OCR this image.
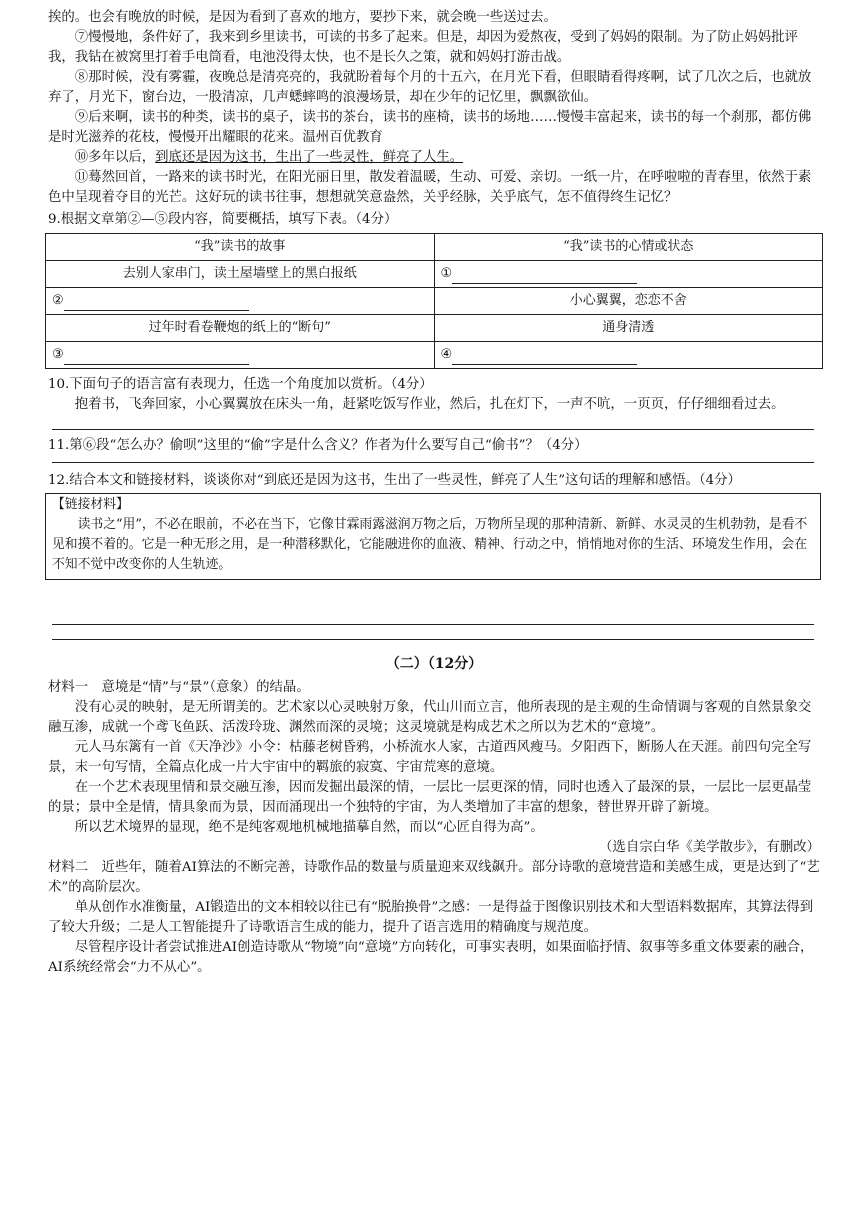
挨的。也会有晚放的时候，是因为看到了喜欢的地方，要抄下来，就会晚一些送过去。

⑦慢慢地，条件好了，我来到乡里读书，可读的书多了起来。但是，却因为爱熬夜，受到了妈妈的限制。为了防止妈妈批评我，我钻在被窝里打着手电筒看，电池没得太快，也不是长久之策，就和妈妈打游击战。

⑧那时候，没有雾霾，夜晚总是清亮亮的，我就盼着每个月的十五六，在月光下看，但眼睛看得疼啊，试了几次之后，也就放弃了，月光下，窗台边，一股清凉，几声蟋蟀鸣的浪漫场景，却在少年的记忆里，飘飘欲仙。

⑨后来啊，读书的种类，读书的桌子，读书的茶台，读书的座椅，读书的场地……慢慢丰富起来，读书的每一个刹那，都仿佛是时光滋养的花枝，慢慢开出耀眼的花来。温州百优教育

⑩多年以后，到底还是因为这书，生出了一些灵性，鲜亮了人生。

⑪蓦然回首，一路来的读书时光，在阳光丽日里，散发着温暖，生动、可爱、亲切。一纸一片，在呼啦啦的青春里，依然于素色中呈现着夺目的光芒。这好玩的读书往事，想想就笑意盎然，关乎经脉，关乎底气，怎不值得终生记忆？

9.根据文章第②—⑤段内容，简要概括，填写下表。（4分）

“我”读书的故事	“我”读书的心情或状态
去别人家串门，读土屋墙壁上的黑白报纸	①
②	小心翼翼，恋恋不舍
过年时看卷鞭炮的纸上的“断句”	通身清透
③	④

10.下面句子的语言富有表现力，任选一个角度加以赏析。（4分）

抱着书，飞奔回家，小心翼翼放在床头一角，赶紧吃饭写作业，然后，扎在灯下，一声不吭，一页页，仔仔细细看过去。

11.第⑥段“怎么办？偷呗”这里的“偷”字是什么含义？作者为什么要写自己“偷书”？（4分）

12.结合本文和链接材料，谈谈你对“到底还是因为这书，生出了一些灵性，鲜亮了人生”这句话的理解和感悟。（4分）

【链接材料】

读书之“用”，不必在眼前，不必在当下，它像甘霖雨露滋润万物之后，万物所呈现的那种清新、新鲜、水灵灵的生机勃勃，是看不见和摸不着的。它是一种无形之用，是一种潜移默化，它能融进你的血液、精神、行动之中，悄悄地对你的生活、环境发生作用，会在不知不觉中改变你的人生轨迹。

（二）（12分）

材料一　意境是“情”与“景”（意象）的结晶。

没有心灵的映射，是无所谓美的。艺术家以心灵映射万象，代山川而立言，他所表现的是主观的生命情调与客观的自然景象交融互渗，成就一个鸢飞鱼跃、活泼玲珑、渊然而深的灵境；这灵境就是构成艺术之所以为艺术的“意境”。

元人马东篱有一首《天净沙》小令：枯藤老树昏鸦，小桥流水人家，古道西风瘦马。夕阳西下，断肠人在天涯。前四句完全写景，末一句写情，全篇点化成一片大宇宙中的羁旅的寂寞、宇宙荒寒的意境。

在一个艺术表现里情和景交融互渗，因而发掘出最深的情，一层比一层更深的情，同时也透入了最深的景，一层比一层更晶莹的景；景中全是情，情具象而为景，因而涌现出一个独特的宇宙，为人类增加了丰富的想象，替世界开辟了新境。

所以艺术境界的显现，绝不是纯客观地机械地描摹自然，而以“心匠自得为高”。

（选自宗白华《美学散步》，有删改）

材料二　近些年，随着AI算法的不断完善，诗歌作品的数量与质量迎来双线飙升。部分诗歌的意境营造和美感生成，更是达到了“艺术”的高阶层次。

单从创作水准衡量，AI锻造出的文本相较以往已有“脱胎换骨”之感：一是得益于图像识别技术和大型语料数据库，其算法得到了较大升级；二是人工智能提升了诗歌语言生成的能力，提升了语言选用的精确度与规范度。

尽管程序设计者尝试推进AI创造诗歌从“物境”向“意境”方向转化，可事实表明，如果面临抒情、叙事等多重文体要素的融合，AI系统经常会“力不从心”。
